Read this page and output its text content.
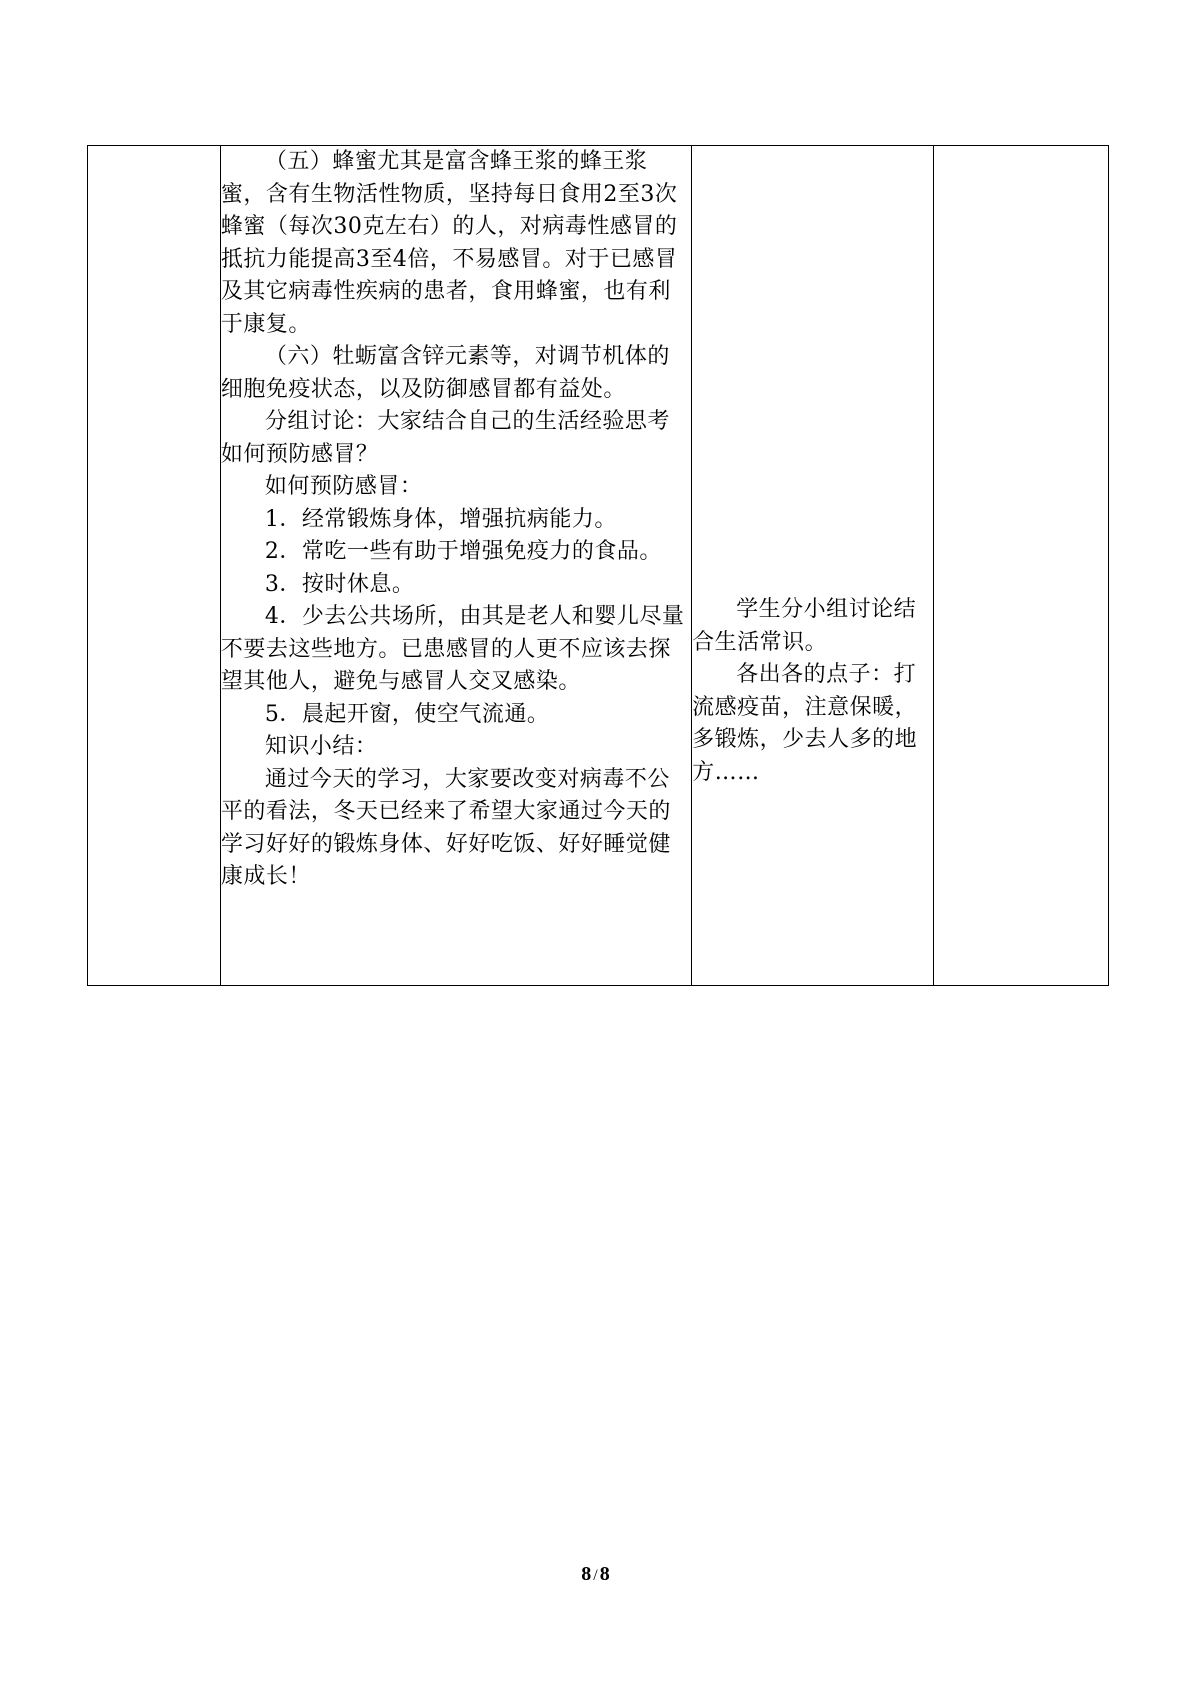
（五）蜂蜜尤其是富含蜂王浆的蜂王浆蜜，含有生物活性物质，坚持每日食用2至3次蜂蜜（每次30克左右）的人，对病毒性感冒的抵抗力能提高3至4倍，不易感冒。对于已感冒及其它病毒性疾病的患者，食用蜂蜜，也有利于康复。

（六）牡蛎富含锌元素等，对调节机体的细胞免疫状态，以及防御感冒都有益处。

分组讨论：大家结合自己的生活经验思考如何预防感冒？

如何预防感冒：

1．经常锻炼身体，增强抗病能力。

2．常吃一些有助于增强免疫力的食品。

3．按时休息。

4．少去公共场所，由其是老人和婴儿尽量不要去这些地方。已患感冒的人更不应该去探望其他人，避免与感冒人交叉感染。

5．晨起开窗，使空气流通。

知识小结：

通过今天的学习，大家要改变对病毒不公平的看法，冬天已经来了希望大家通过今天的学习好好的锻炼身体、好好吃饭、好好睡觉健康成长！

学生分小组讨论结合生活常识。

各出各的点子：打流感疫苗，注意保暖，多锻炼，少去人多的地方……

8 / 8
